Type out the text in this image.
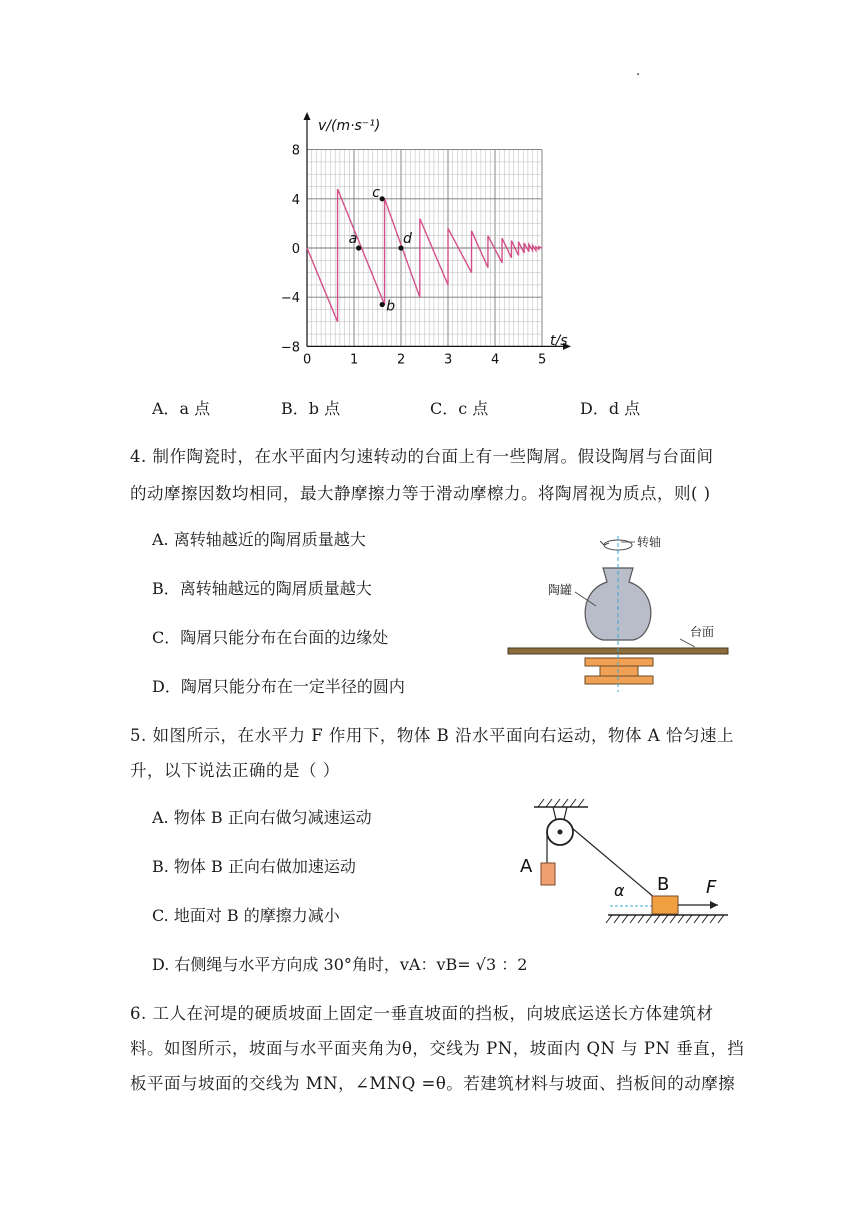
.
0	1	2	3	4	5
8
4
0
−4
−8
a
b
c
d
v/(m·s⁻¹)
t/s
A．a 点	B．b 点	C．c 点	D．d 点
4. 制作陶瓷时，在水平面内匀速转动的台面上有一些陶屑。假设陶屑与台面间
的动摩擦因数均相同，最大静摩擦力等于滑动摩檫力。将陶屑视为质点，则( )
A. 离转轴越近的陶屑质量越大
B．离转轴越远的陶屑质量越大
C．陶屑只能分布在台面的边缘处
D．陶屑只能分布在一定半径的圆内
转轴
陶罐
台面
5. 如图所示，在水平力 F 作用下，物体 B 沿水平面向右运动，物体 A 恰匀速上
升，以下说法正确的是（ ）
A. 物体 B 正向右做匀减速运动
B. 物体 B 正向右做加速运动
C. 地面对 B 的摩擦力减小
D. 右侧绳与水平方向成 30°角时，vA：vB= √3 ：2
A
α B F
6. 工人在河堤的硬质坡面上固定一垂直坡面的挡板，向坡底运送长方体建筑材
料。如图所示，坡面与水平面夹角为θ，交线为 PN，坡面内 QN 与 PN 垂直，挡
板平面与坡面的交线为 MN，∠MNQ =θ。若建筑材料与坡面、挡板间的动摩擦
